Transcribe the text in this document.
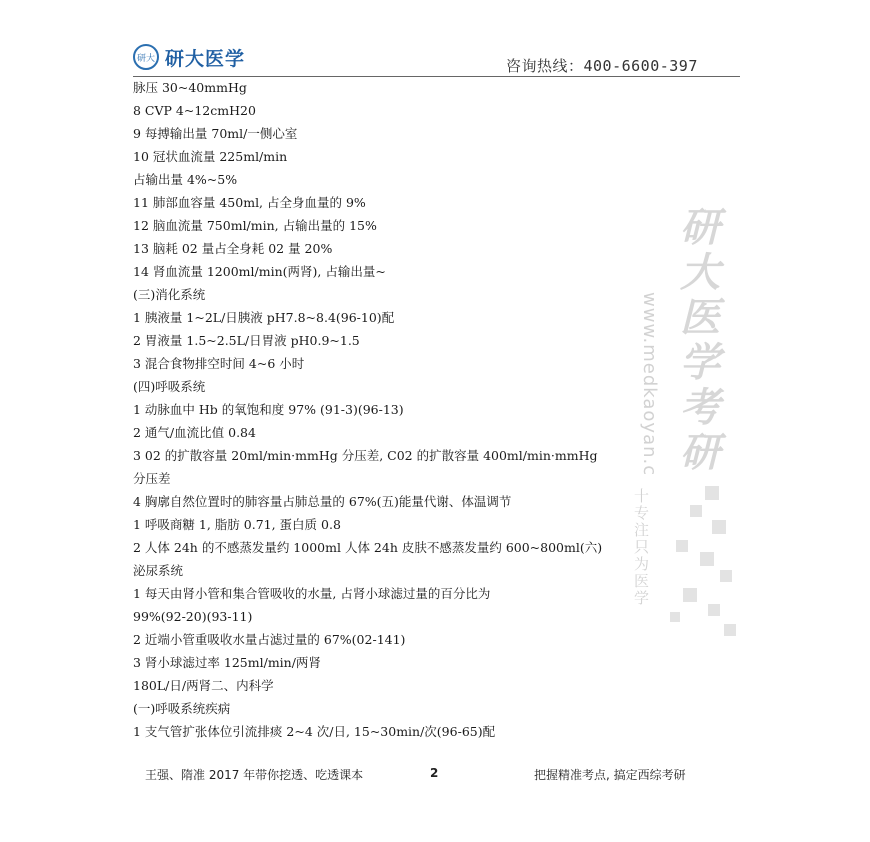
研大 研大医学	咨询热线：400-6600-397
研大医学考研
www.medkaoyan.c
十专注只为医学
脉压 30~40mmHg
8 CVP 4~12cmH20
9 每搏输出量 70ml/一侧心室
10 冠状血流量 225ml/min
占输出量 4%~5%
11 肺部血容量 450ml, 占全身血量的 9%
12 脑血流量 750ml/min, 占输出量的 15%
13 脑耗 02 量占全身耗 02 量 20%
14 肾血流量 1200ml/min(两肾), 占输出量~
(三)消化系统
1 胰液量 1~2L/日胰液 pH7.8~8.4(96-10)配
2 胃液量 1.5~2.5L/日胃液 pH0.9~1.5
3 混合食物排空时间 4~6 小时
(四)呼吸系统
1 动脉血中 Hb 的氧饱和度 97% (91-3)(96-13)
2 通气/血流比值 0.84
3 02 的扩散容量 20ml/min·mmHg 分压差, C02 的扩散容量 400ml/min·mmHg
分压差
4 胸廓自然位置时的肺容量占肺总量的 67%(五)能量代谢、体温调节
1 呼吸商糖 1, 脂肪 0.71, 蛋白质 0.8
2 人体 24h 的不感蒸发量约 1000ml 人体 24h 皮肤不感蒸发量约 600~800ml(六)
泌尿系统
1 每天由肾小管和集合管吸收的水量, 占肾小球滤过量的百分比为
99%(92-20)(93-11)
2 近端小管重吸收水量占滤过量的 67%(02-141)
3 肾小球滤过率 125ml/min/两肾
180L/日/两肾二、内科学
(一)呼吸系统疾病
1 支气管扩张体位引流排痰 2~4 次/日, 15~30min/次(96-65)配
王强、隋准 2017 年带你挖透、吃透课本	2	把握精准考点, 搞定西综考研
